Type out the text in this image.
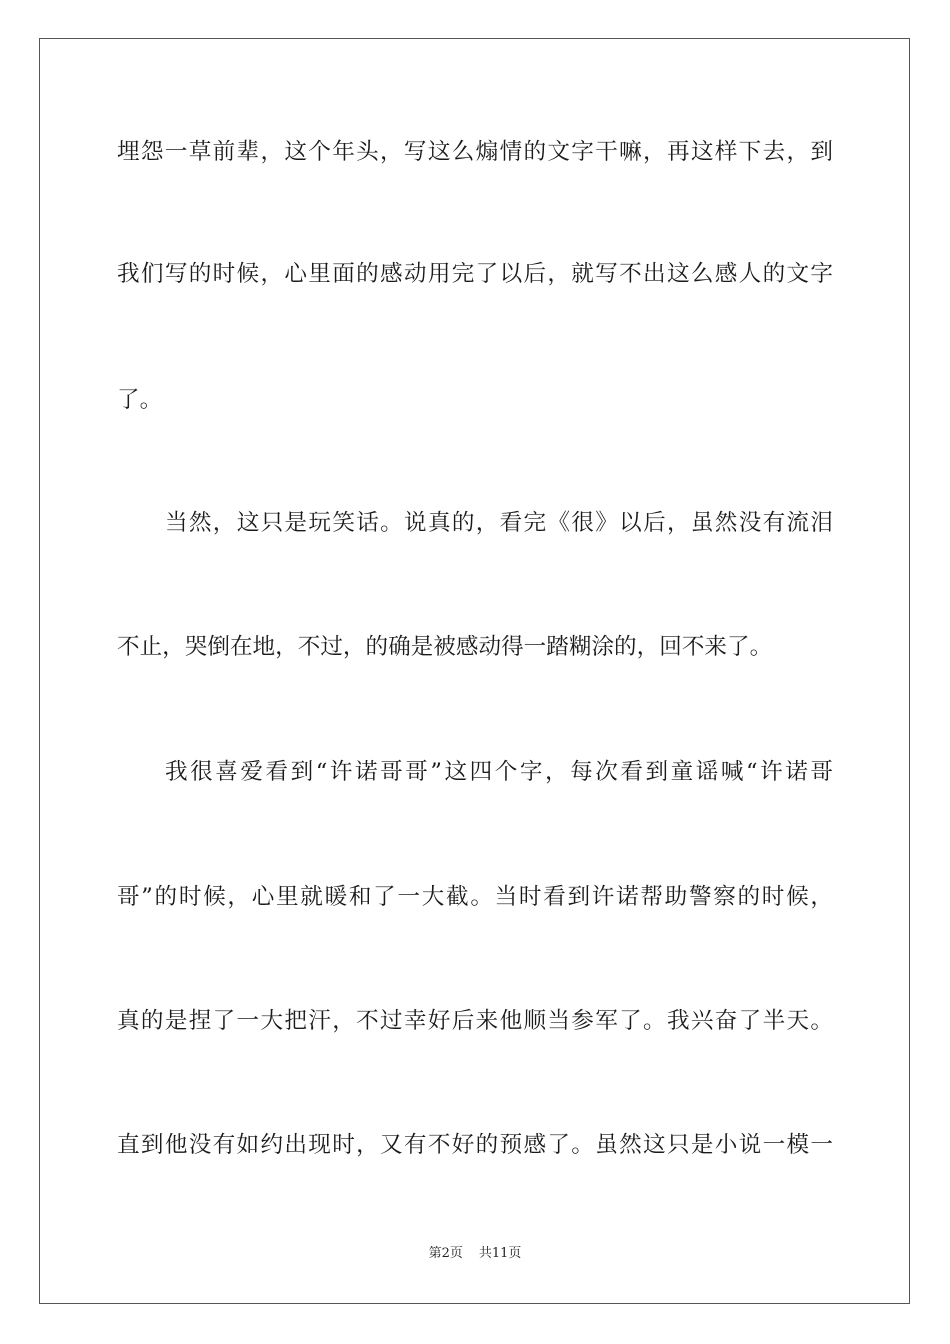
埋怨一草前辈，这个年头，写这么煽情的文字干嘛，再这样下去，到
我们写的时候，心里面的感动用完了以后，就写不出这么感人的文字
了。
当然，这只是玩笑话。说真的，看完《很》以后，虽然没有流泪
不止，哭倒在地，不过，的确是被感动得一踏糊涂的，回不来了。
我很喜爱看到“许诺哥哥”这四个字，每次看到童谣喊“许诺哥
哥”的时候，心里就暖和了一大截。当时看到许诺帮助警察的时候，
真的是捏了一大把汗，不过幸好后来他顺当参军了。我兴奋了半天。
直到他没有如约出现时，又有不好的预感了。虽然这只是小说一模一
第2页 共11页
